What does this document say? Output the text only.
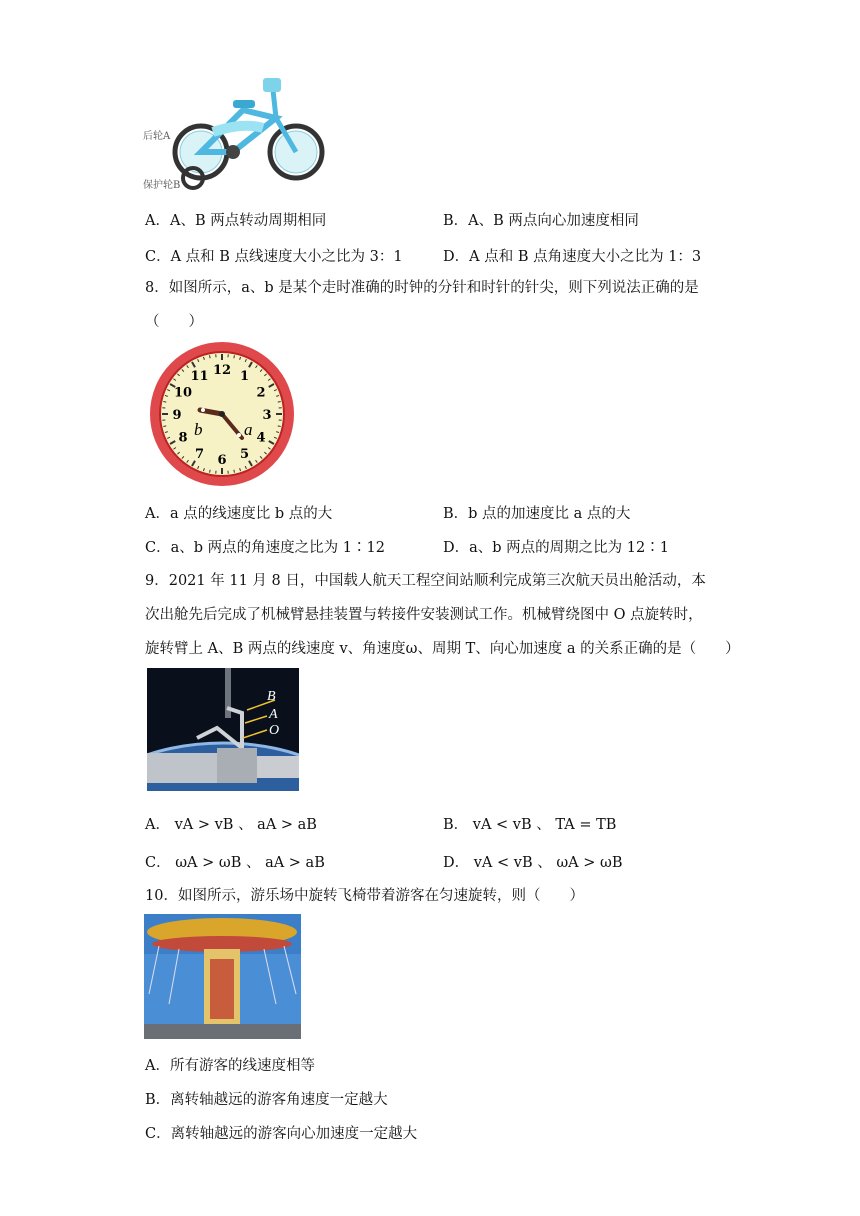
后轮A
保护轮B
A．A、B 两点转动周期相同	B．A、B 两点向心加速度相同
C．A 点和 B 点线速度大小之比为 3：1	D．A 点和 B 点角速度大小之比为 1：3
8．如图所示，a、b 是某个走时准确的时钟的分针和时针的针尖，则下列说法正确的是
（　　）
12 1
2
3
4
5
6
7
8
9
10
11
b a
A．a 点的线速度比 b 点的大	B．b 点的加速度比 a 点的大
C．a、b 两点的角速度之比为 1∶12	D．a、b 两点的周期之比为 12∶1
9．2021 年 11 月 8 日，中国载人航天工程空间站顺利完成第三次航天员出舱活动，本
次出舱先后完成了机械臂悬挂装置与转接件安装测试工作。机械臂绕图中 O 点旋转时，
旋转臂上 A、B 两点的线速度 v、角速度ω、周期 T、向心加速度 a 的关系正确的是（　　）
B
A
O
A． vA > vB 、 aA > aB	B． vA < vB 、 TA = TB
C． ωA > ωB 、 aA > aB	D． vA < vB 、 ωA > ωB
10．如图所示，游乐场中旋转飞椅带着游客在匀速旋转，则（　　）
A．所有游客的线速度相等
B．离转轴越远的游客角速度一定越大
C．离转轴越远的游客向心加速度一定越大
